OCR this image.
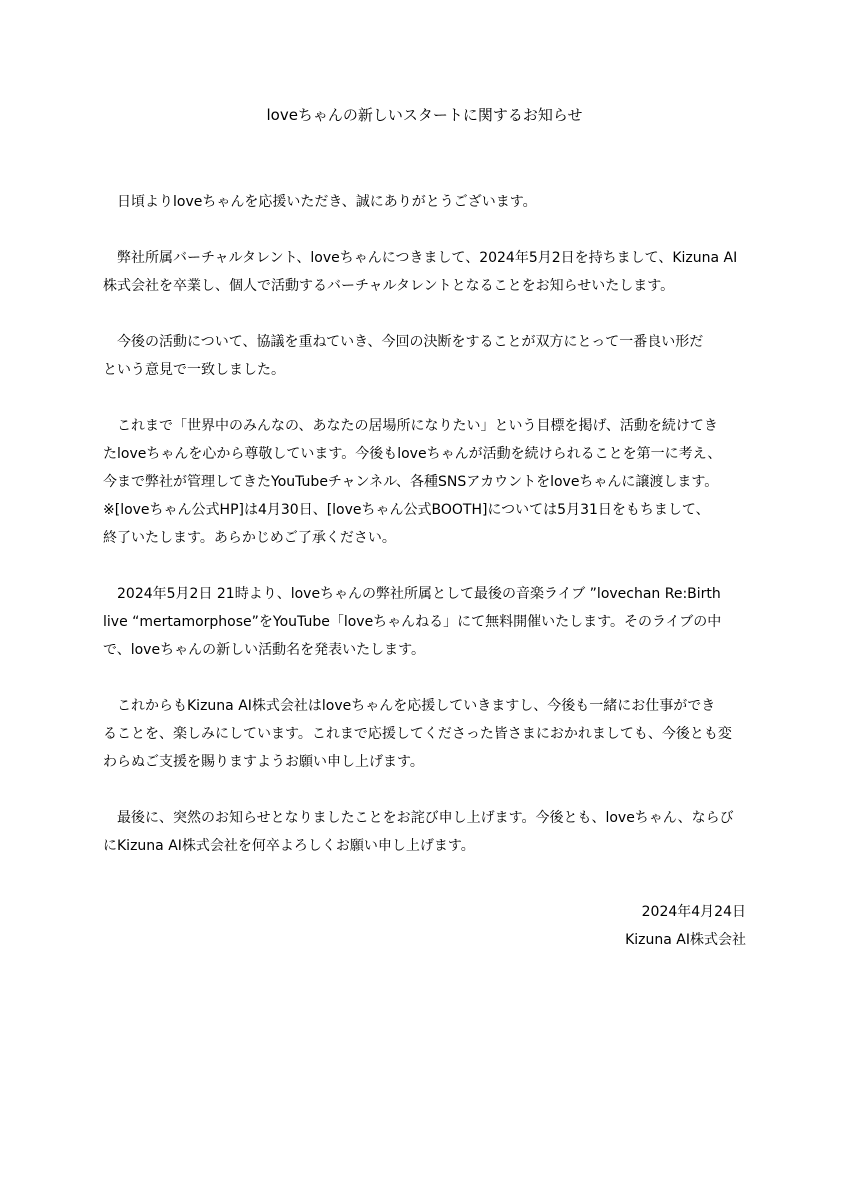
loveちゃんの新しいスタートに関するお知らせ

日頃よりloveちゃんを応援いただき、誠にありがとうございます。

弊社所属バーチャルタレント、loveちゃんにつきまして、2024年5月2日を持ちまして、Kizuna AI
株式会社を卒業し、個人で活動するバーチャルタレントとなることをお知らせいたします。

今後の活動について、協議を重ねていき、今回の決断をすることが双方にとって一番良い形だ
という意見で一致しました。

これまで「世界中のみんなの、あなたの居場所になりたい」という目標を掲げ、活動を続けてき
たloveちゃんを心から尊敬しています。今後もloveちゃんが活動を続けられることを第一に考え、
今まで弊社が管理してきたYouTubeチャンネル、各種SNSアカウントをloveちゃんに譲渡します。
※[loveちゃん公式HP]は4月30日、[loveちゃん公式BOOTH]については5月31日をもちまして、
終了いたします。あらかじめご了承ください。

2024年5月2日 21時より、loveちゃんの弊社所属として最後の音楽ライブ ”lovechan Re:Birth
live “mertamorphose”をYouTube「loveちゃんねる」にて無料開催いたします。そのライブの中
で、loveちゃんの新しい活動名を発表いたします。

これからもKizuna AI株式会社はloveちゃんを応援していきますし、今後も一緒にお仕事ができ
ることを、楽しみにしています。これまで応援してくださった皆さまにおかれましても、今後とも変
わらぬご支援を賜りますようお願い申し上げます。

最後に、突然のお知らせとなりましたことをお詫び申し上げます。今後とも、loveちゃん、ならび
にKizuna AI株式会社を何卒よろしくお願い申し上げます。

2024年4月24日
Kizuna AI株式会社
